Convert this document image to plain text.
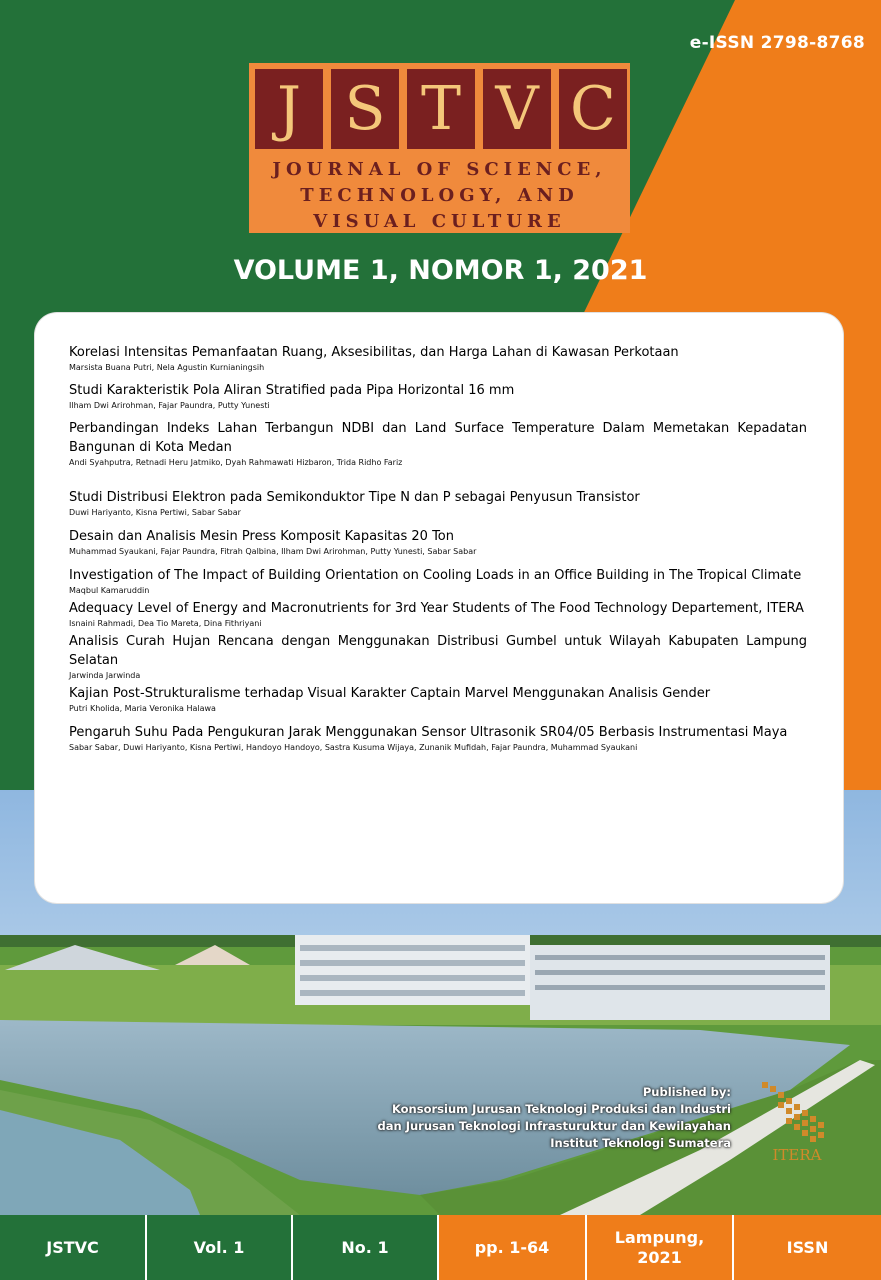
e-ISSN 2798-8768
J S T V C
JOURNAL OF SCIENCE,
TECHNOLOGY, AND
VISUAL CULTURE
VOLUME 1, NOMOR 1, 2021

Korelasi Intensitas Pemanfaatan Ruang, Aksesibilitas, dan Harga Lahan di Kawasan Perkotaan

Marsista Buana Putri, Nela Agustin Kurnianingsih

Studi Karakteristik Pola Aliran Stratified pada Pipa Horizontal 16 mm

Ilham Dwi Arirohman, Fajar Paundra, Putty Yunesti

Perbandingan Indeks Lahan Terbangun NDBI dan Land Surface Temperature Dalam Memetakan Kepadatan Bangunan di Kota Medan

Andi Syahputra, Retnadi Heru Jatmiko, Dyah Rahmawati Hizbaron, Trida Ridho Fariz

Studi Distribusi Elektron pada Semikonduktor Tipe N dan P sebagai Penyusun Transistor

Duwi Hariyanto, Kisna Pertiwi, Sabar Sabar

Desain dan Analisis Mesin Press Komposit Kapasitas 20 Ton

Muhammad Syaukani, Fajar Paundra, Fitrah Qalbina, Ilham Dwi Arirohman, Putty Yunesti, Sabar Sabar

Investigation of The Impact of Building Orientation on Cooling Loads in an Office Building in The Tropical Climate

Maqbul Kamaruddin

Adequacy Level of Energy and Macronutrients for 3rd Year Students of The Food Technology Departement, ITERA

Isnaini Rahmadi, Dea Tio Mareta, Dina Fithriyani

Analisis Curah Hujan Rencana dengan Menggunakan Distribusi Gumbel untuk Wilayah Kabupaten Lampung Selatan

Jarwinda Jarwinda

Kajian Post-Strukturalisme terhadap Visual Karakter Captain Marvel Menggunakan Analisis Gender

Putri Kholida, Maria Veronika Halawa

Pengaruh Suhu Pada Pengukuran Jarak Menggunakan Sensor Ultrasonik SR04/05 Berbasis Instrumentasi Maya

Sabar Sabar, Duwi Hariyanto, Kisna Pertiwi, Handoyo Handoyo, Sastra Kusuma Wijaya, Zunanik Mufidah, Fajar Paundra, Muhammad Syaukani

Published by:
Konsorsium Jurusan Teknologi Produksi dan Industri
dan Jurusan Teknologi Infrasturuktur dan Kewilayahan
Institut Teknologi Sumatera
ITERA
JSTVC	Vol. 1	No. 1	pp. 1-64
Lampung,
2021
ISSN
